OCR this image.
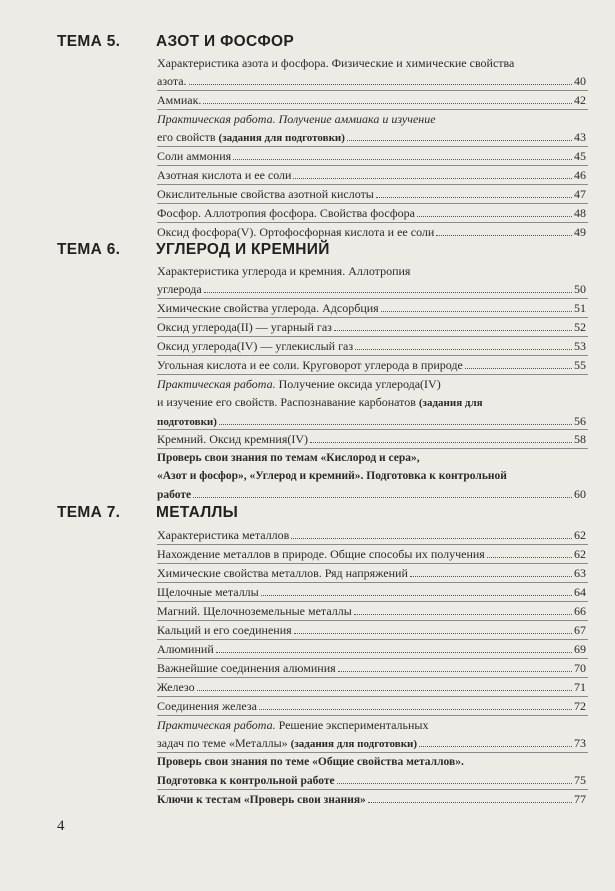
ТЕМА 5.	АЗОТ И ФОСФОР
Характеристика азота и фосфора. Физические и химические свойства
азота.	40
Аммиак.	42
Практическая работа. Получение аммиака и изучение
его свойств (задания для подготовки)	43
Соли аммония	45
Азотная кислота и ее соли	46
Окислительные свойства азотной кислоты	47
Фосфор. Аллотропия фосфора. Свойства фосфора	48
Оксид фосфора(V). Ортофосфорная кислота и ее соли	49
ТЕМА 6.	УГЛЕРОД И КРЕМНИЙ
Характеристика углерода и кремния. Аллотропия
углерода	50
Химические свойства углерода. Адсорбция	51
Оксид углерода(II) — угарный газ	52
Оксид углерода(IV) — углекислый газ	53
Угольная кислота и ее соли. Круговорот углерода в природе	55
Практическая работа. Получение оксида углерода(IV)
и изучение его свойств. Распознавание карбонатов (задания для
подготовки)	56
Кремний. Оксид кремния(IV)	58
Проверь свои знания по темам «Кислород и сера»,
«Азот и фосфор», «Углерод и кремний». Подготовка к контрольной
работе	60
ТЕМА 7.	МЕТАЛЛЫ
Характеристика металлов	62
Нахождение металлов в природе. Общие способы их получения	62
Химические свойства металлов. Ряд напряжений	63
Щелочные металлы	64
Магний. Щелочноземельные металлы	66
Кальций и его соединения	67
Алюминий	69
Важнейшие соединения алюминия	70
Железо	71
Соединения железа	72
Практическая работа. Решение экспериментальных
задач по теме «Металлы» (задания для подготовки)	73
Проверь свои знания по теме «Общие свойства металлов».
Подготовка к контрольной работе	75
Ключи к тестам «Проверь свои знания»	77
4
